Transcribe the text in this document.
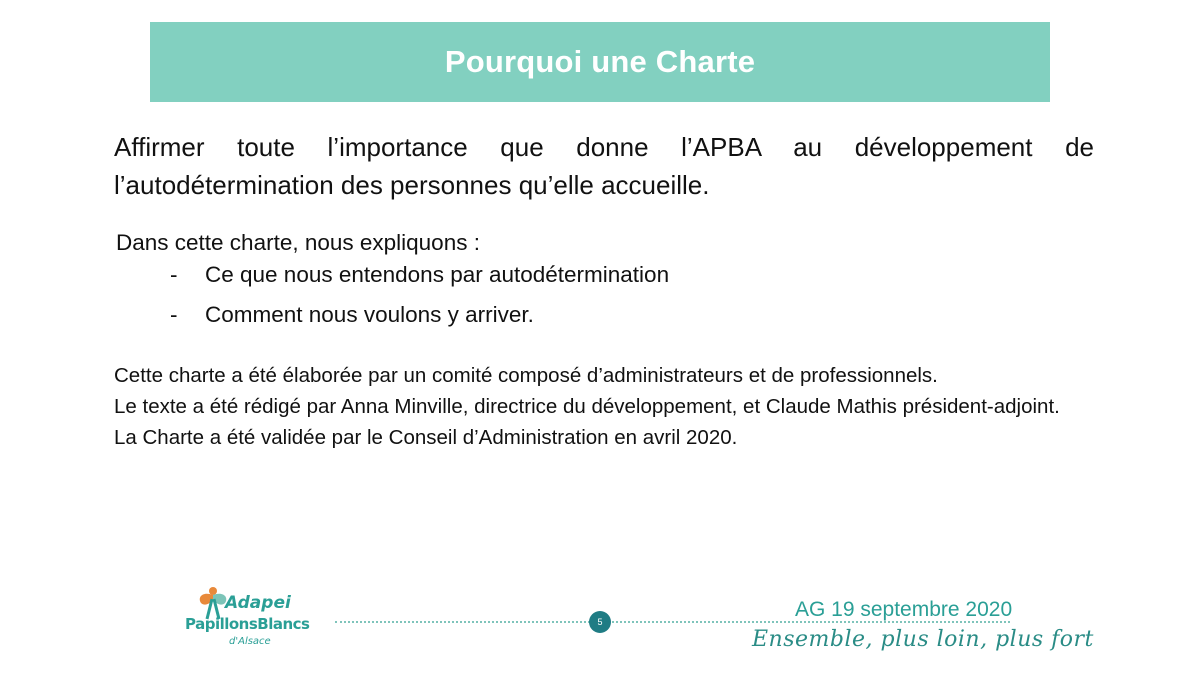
Pourquoi une Charte

Affirmer toute l’importance que donne l’APBA au développement de l’autodétermination des personnes qu’elle accueille.

Dans cette charte, nous expliquons :

-	Ce que nous entendons par autodétermination
-	Comment nous voulons y arriver.

Cette charte a été élaborée par un comité composé d’administrateurs et de professionnels.

Le texte a été rédigé par Anna Minville, directrice du développement, et Claude Mathis président-adjoint.

La Charte a été validée par le Conseil d’Administration en avril 2020.

Adapei
PapillonsBlancs
d'Alsace
5
AG 19 septembre 2020
Ensemble, plus loin, plus fort
